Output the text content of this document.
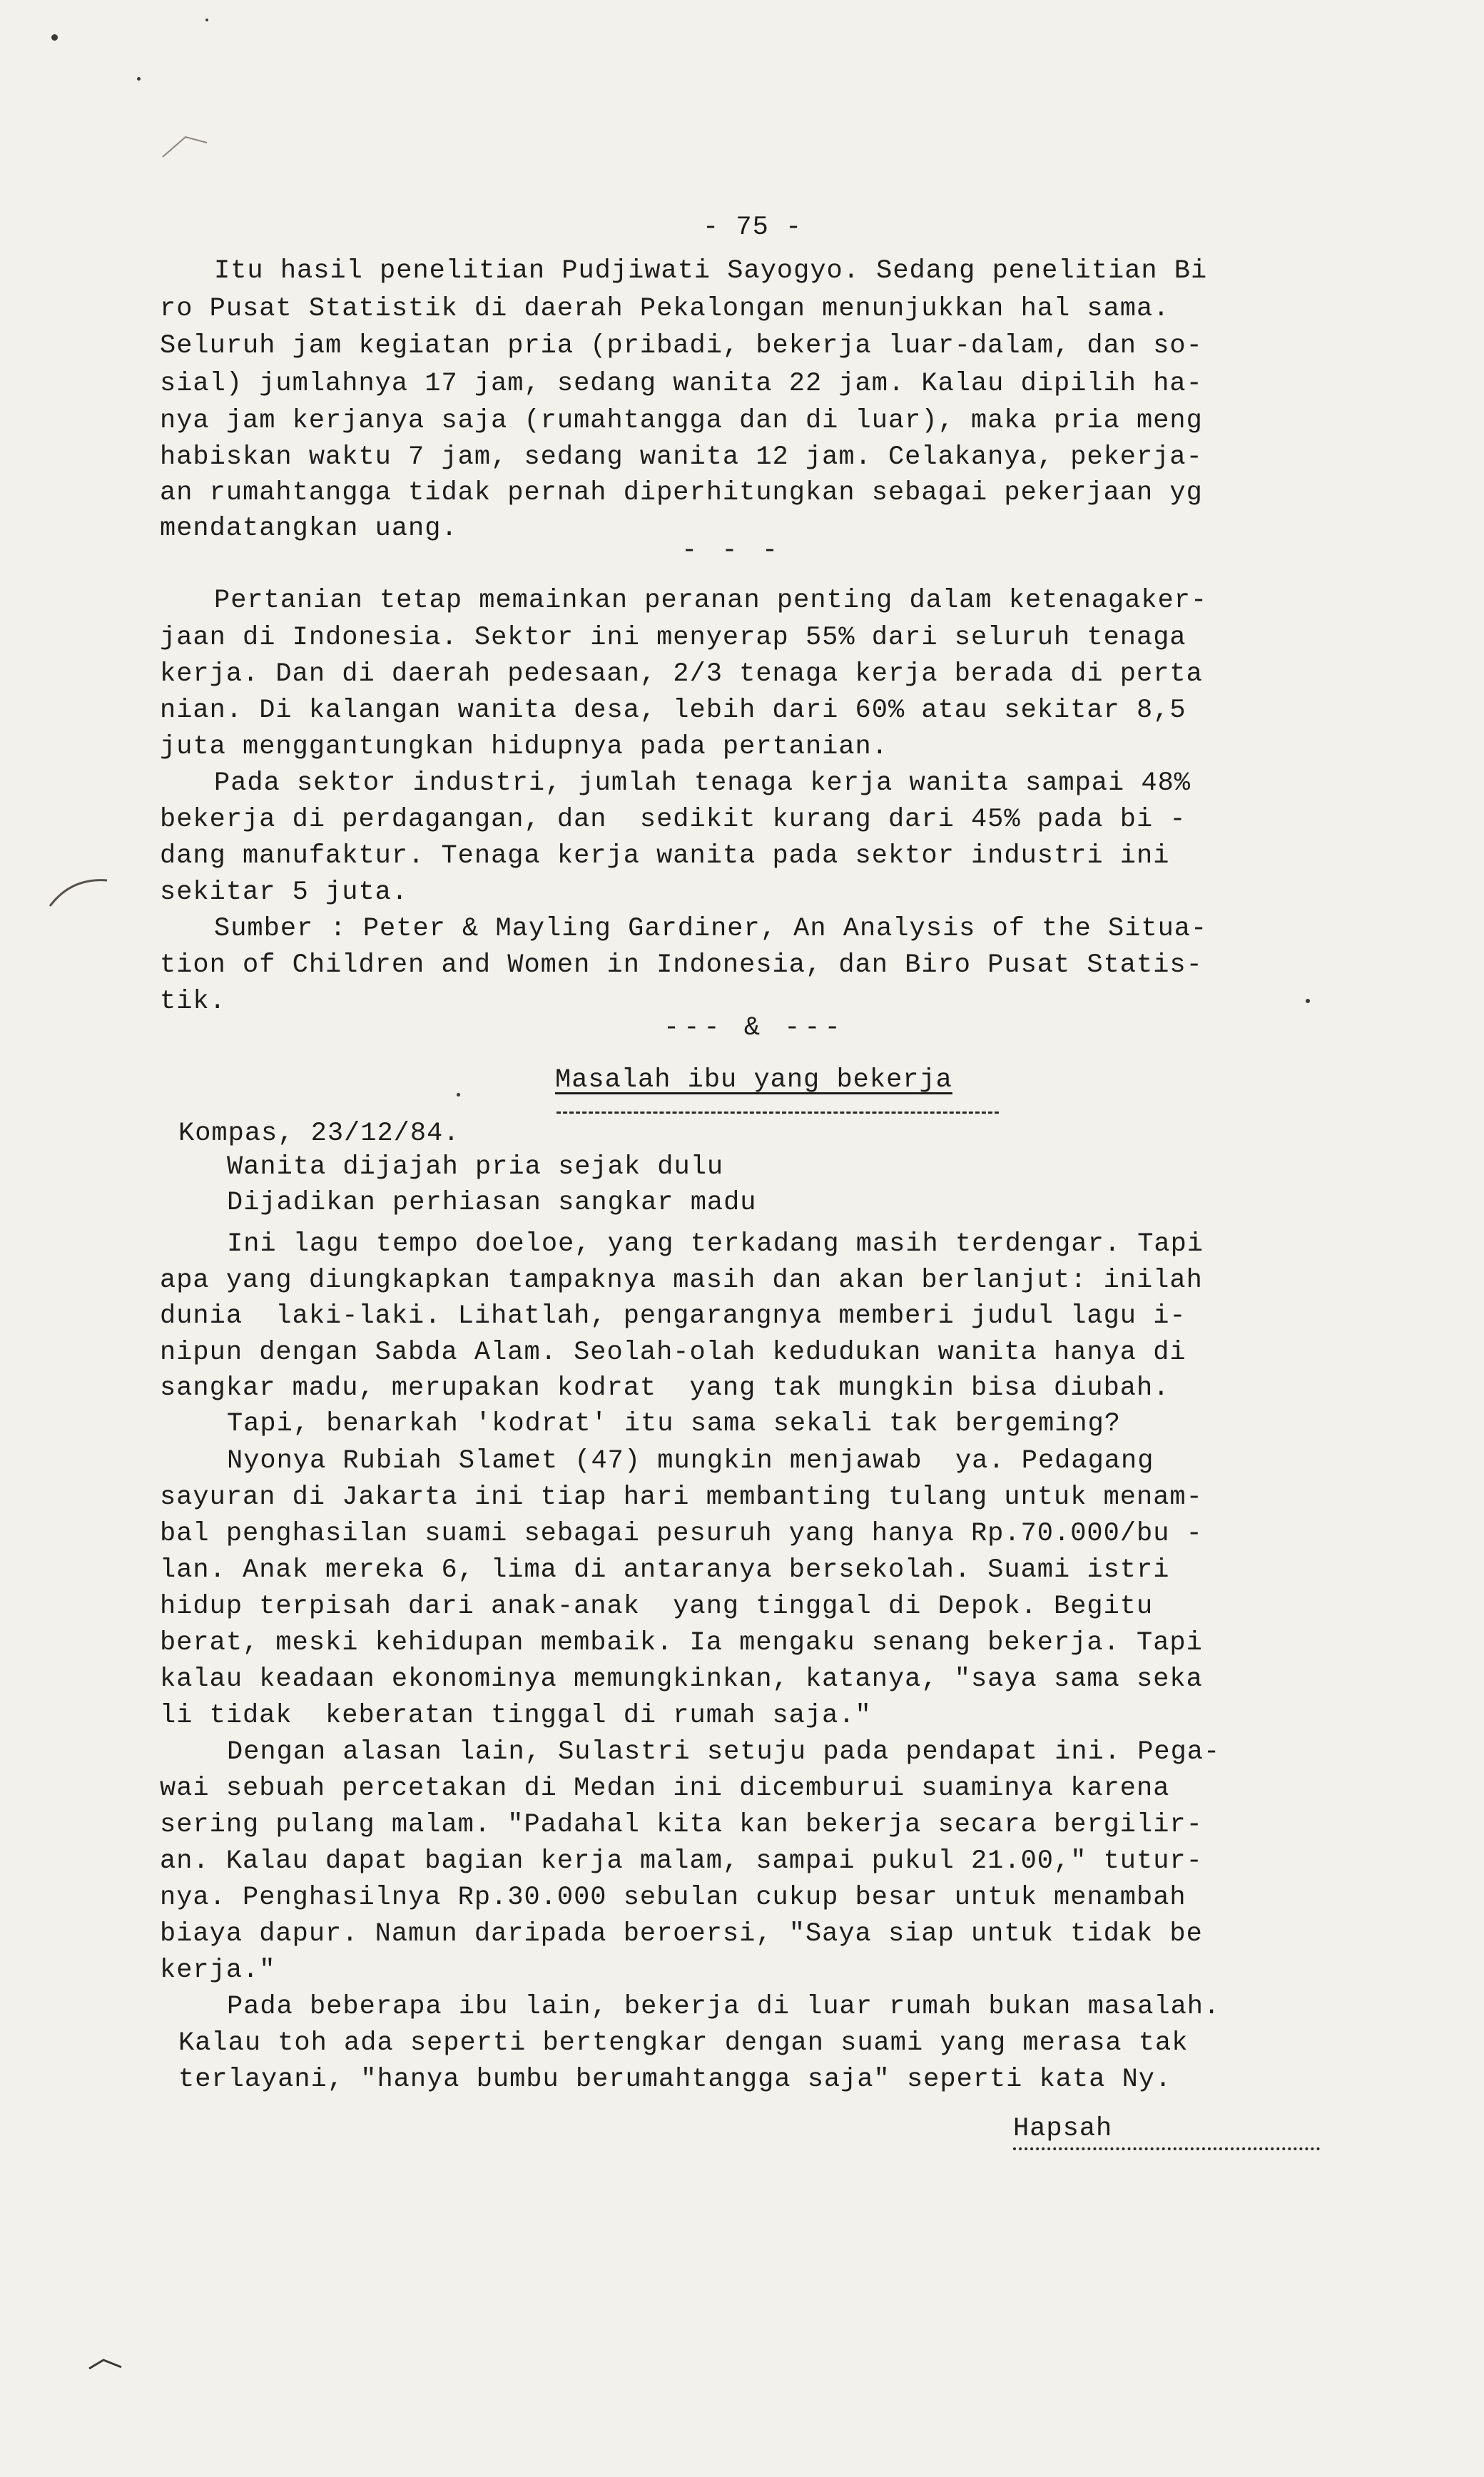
- 75 -
Itu hasil penelitian Pudjiwati Sayogyo. Sedang penelitian Bi
ro Pusat Statistik di daerah Pekalongan menunjukkan hal sama.
Seluruh jam kegiatan pria (pribadi, bekerja luar-dalam, dan so-
sial) jumlahnya 17 jam, sedang wanita 22 jam. Kalau dipilih ha-
nya jam kerjanya saja (rumahtangga dan di luar), maka pria meng
habiskan waktu 7 jam, sedang wanita 12 jam. Celakanya, pekerja-
an rumahtangga tidak pernah diperhitungkan sebagai pekerjaan yg
mendatangkan uang.
- - -
Pertanian tetap memainkan peranan penting dalam ketenagaker-
jaan di Indonesia. Sektor ini menyerap 55% dari seluruh tenaga
kerja. Dan di daerah pedesaan, 2/3 tenaga kerja berada di perta
nian. Di kalangan wanita desa, lebih dari 60% atau sekitar 8,5
juta menggantungkan hidupnya pada pertanian.
Pada sektor industri, jumlah tenaga kerja wanita sampai 48%
bekerja di perdagangan, dan  sedikit kurang dari 45% pada bi -
dang manufaktur. Tenaga kerja wanita pada sektor industri ini
sekitar 5 juta.
Sumber : Peter & Mayling Gardiner, An Analysis of the Situa-
tion of Children and Women in Indonesia, dan Biro Pusat Statis-
tik.
--- & ---
Masalah ibu yang bekerja
Kompas, 23/12/84.
Wanita dijajah pria sejak dulu
Dijadikan perhiasan sangkar madu
Ini lagu tempo doeloe, yang terkadang masih terdengar. Tapi
apa yang diungkapkan tampaknya masih dan akan berlanjut: inilah
dunia  laki-laki. Lihatlah, pengarangnya memberi judul lagu i-
nipun dengan Sabda Alam. Seolah-olah kedudukan wanita hanya di
sangkar madu, merupakan kodrat  yang tak mungkin bisa diubah.
Tapi, benarkah 'kodrat' itu sama sekali tak bergeming?
Nyonya Rubiah Slamet (47) mungkin menjawab  ya. Pedagang
sayuran di Jakarta ini tiap hari membanting tulang untuk menam-
bal penghasilan suami sebagai pesuruh yang hanya Rp.70.000/bu -
lan. Anak mereka 6, lima di antaranya bersekolah. Suami istri
hidup terpisah dari anak-anak  yang tinggal di Depok. Begitu
berat, meski kehidupan membaik. Ia mengaku senang bekerja. Tapi
kalau keadaan ekonominya memungkinkan, katanya, "saya sama seka
li tidak  keberatan tinggal di rumah saja."
Dengan alasan lain, Sulastri setuju pada pendapat ini. Pega-
wai sebuah percetakan di Medan ini dicemburui suaminya karena
sering pulang malam. "Padahal kita kan bekerja secara bergilir-
an. Kalau dapat bagian kerja malam, sampai pukul 21.00," tutur-
nya. Penghasilnya Rp.30.000 sebulan cukup besar untuk menambah
biaya dapur. Namun daripada beroersi, "Saya siap untuk tidak be
kerja."
Pada beberapa ibu lain, bekerja di luar rumah bukan masalah.
Kalau toh ada seperti bertengkar dengan suami yang merasa tak
terlayani, "hanya bumbu berumahtangga saja" seperti kata Ny.
Hapsah
